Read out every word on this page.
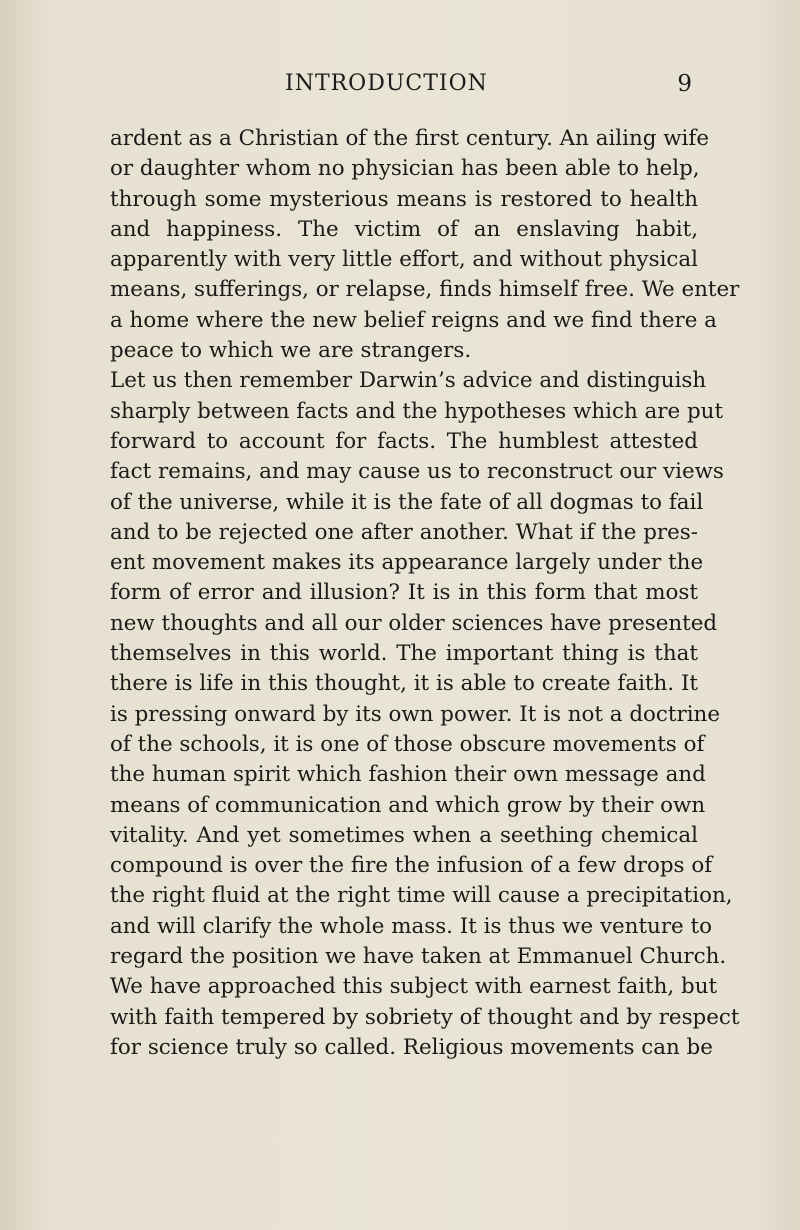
INTRODUCTION	9
ardent as a Christian of the first century. An ailing wife
or daughter whom no physician has been able to help,
through some mysterious means is restored to health
and happiness. The victim of an enslaving habit,
apparently with very little effort, and without physical
means, sufferings, or relapse, finds himself free. We enter
a home where the new belief reigns and we find there a
peace to which we are strangers.
Let us then remember Darwin’s advice and distinguish
sharply between facts and the hypotheses which are put
forward to account for facts. The humblest attested
fact remains, and may cause us to reconstruct our views
of the universe, while it is the fate of all dogmas to fail
and to be rejected one after another. What if the pres-
ent movement makes its appearance largely under the
form of error and illusion? It is in this form that most
new thoughts and all our older sciences have presented
themselves in this world. The important thing is that
there is life in this thought, it is able to create faith. It
is pressing onward by its own power. It is not a doctrine
of the schools, it is one of those obscure movements of
the human spirit which fashion their own message and
means of communication and which grow by their own
vitality. And yet sometimes when a seething chemical
compound is over the fire the infusion of a few drops of
the right fluid at the right time will cause a precipitation,
and will clarify the whole mass. It is thus we venture to
regard the position we have taken at Emmanuel Church.
We have approached this subject with earnest faith, but
with faith tempered by sobriety of thought and by respect
for science truly so called. Religious movements can be
